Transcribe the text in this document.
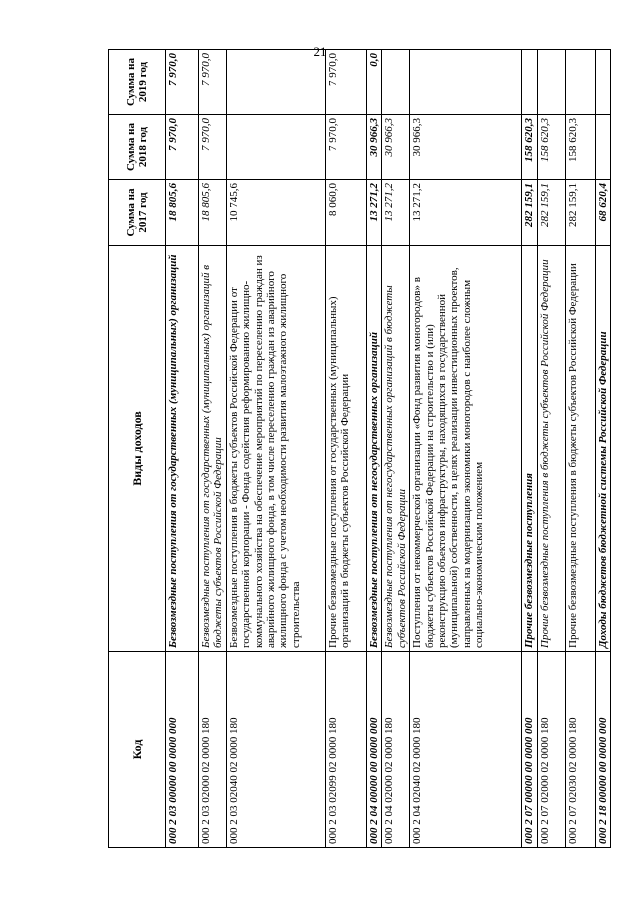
21
Код	Виды доходов	Сумма на 2017 год	Сумма на 2018 год	Сумма на 2019 год
000 2 03 00000 00 0000 000	Безвозмездные поступления от государственных (муниципальных) организаций	18 805,6	7 970,0	7 970,0
000 2 03 02000 02 0000 180	Безвозмездные поступления от государственных (муниципальных) организаций в бюджеты субъектов Российской Федерации	18 805,6	7 970,0	7 970,0
000 2 03 02040 02 0000 180	Безвозмездные поступления в бюджеты субъектов Российской Федерации от государственной корпорации - Фонда содействия реформированию жилищно-коммунального хозяйства на обеспечение мероприятий по переселению граждан из аварийного жилищного фонда, в том числе переселению граждан из аварийного жилищного фонда с учетом необходимости развития малоэтажного жилищного строительства	10 745,6		
000 2 03 02099 02 0000 180	Прочие безвозмездные поступления от государственных (муниципальных) организаций в бюджеты субъектов Российской Федерации	8 060,0	7 970,0	7 970,0
000 2 04 00000 00 0000 000	Безвозмездные поступления от негосударственных организаций	13 271,2	30 966,3	0,0
000 2 04 02000 02 0000 180	Безвозмездные поступления от негосударственных организаций в бюджеты субъектов Российской Федерации	13 271,2	30 966,3	
000 2 04 02040 02 0000 180	Поступления от некоммерческой организации «Фонд развития моногородов» в бюджеты субъектов Российской Федерации на строительство и (или) реконструкцию объектов инфраструктуры, находящихся в государственной (муниципальной) собственности, в целях реализации инвестиционных проектов, направленных на модернизацию экономики моногородов с наиболее сложным социально-экономическим положением	13 271,2	30 966,3	
000 2 07 00000 00 0000 000	Прочие безвозмездные поступления	282 159,1	158 620,3	
000 2 07 02000 02 0000 180	Прочие безвозмездные поступления в бюджеты субъектов Российской Федерации	282 159,1	158 620,3	
000 2 07 02030 02 0000 180	Прочие безвозмездные поступления в бюджеты субъектов Российской Федерации	282 159,1	158 620,3	
000 2 18 00000 00 0000 000	Доходы бюджетов бюджетной системы Российской Федерации	68 620,4		
